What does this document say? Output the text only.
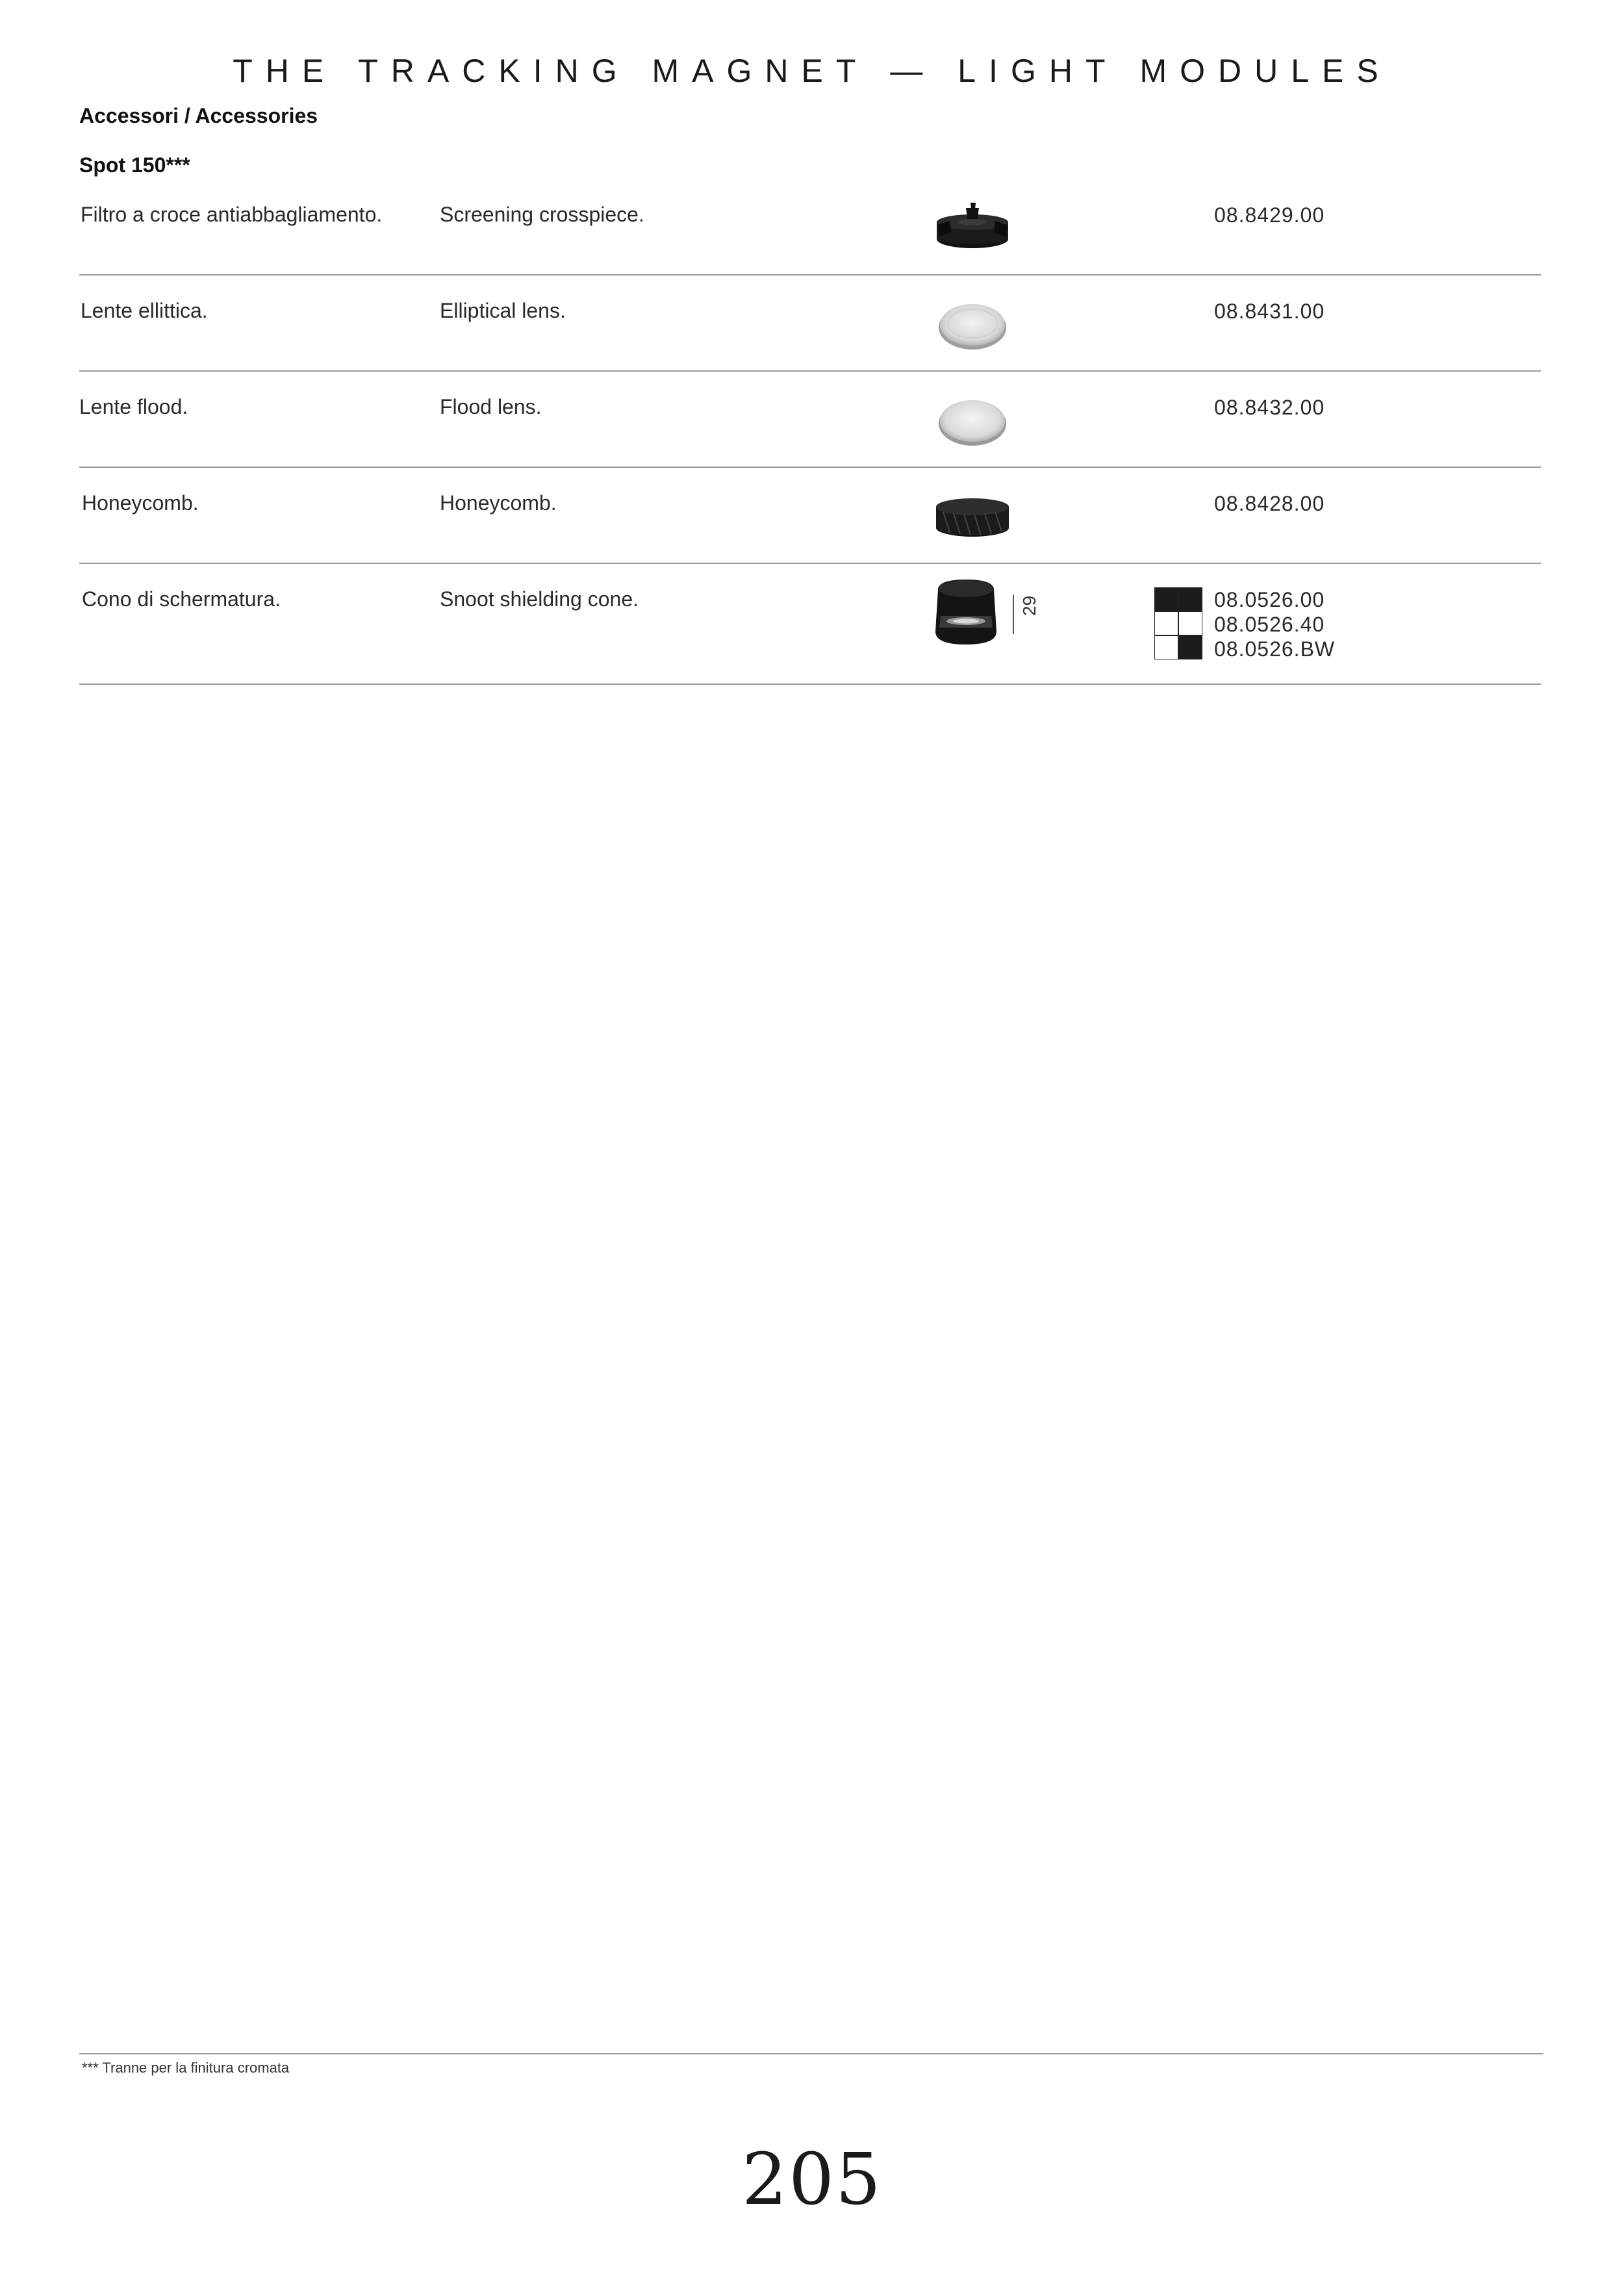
THE TRACKING MAGNET — LIGHT MODULES
Accessori / Accessories
Spot 150***
Filtro a croce antiabbagliamento.	Screening crosspiece.	08.8429.00
Lente ellittica.	Elliptical lens.	08.8431.00
Lente flood.	Flood lens.	08.8432.00
Honeycomb.	Honeycomb.	08.8428.00
Cono di schermatura.	Snoot shielding cone.	29	08.0526.00
08.0526.40
08.0526.BW
*** Tranne per la finitura cromata
205
